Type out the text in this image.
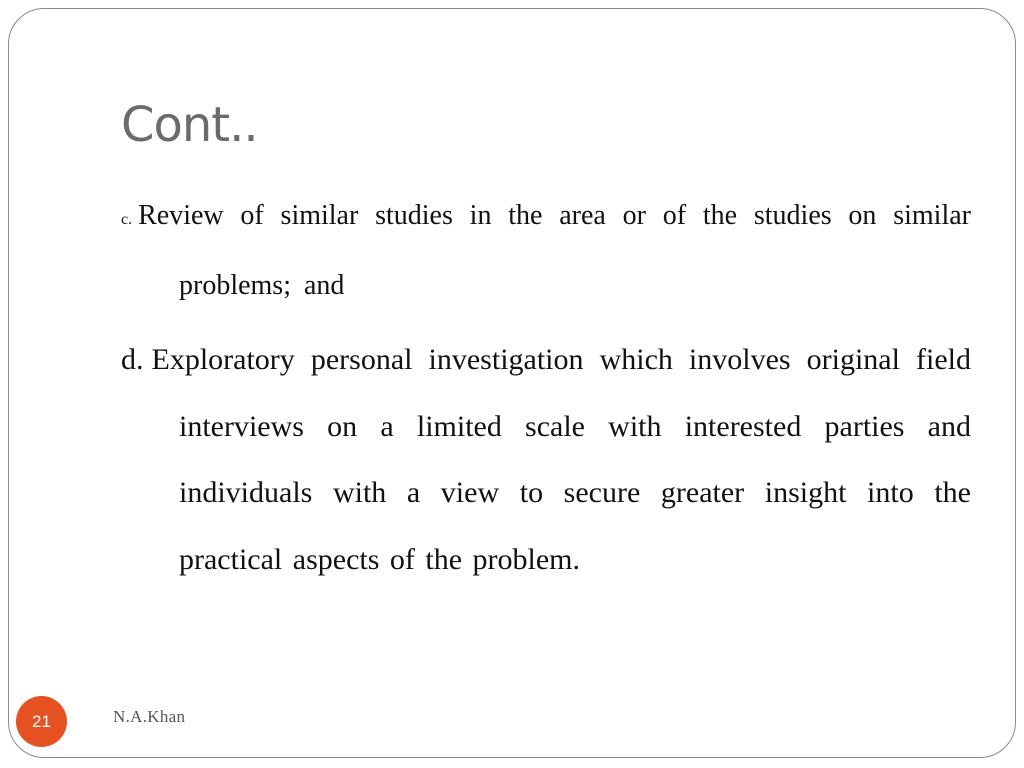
Cont..

c. Review of similar studies in the area or of the studies on similar problems; and

d. Exploratory personal investigation which involves original field interviews on a limited scale with interested parties and individuals with a view to secure greater insight into the practical aspects of the problem.

21	N.A.Khan
